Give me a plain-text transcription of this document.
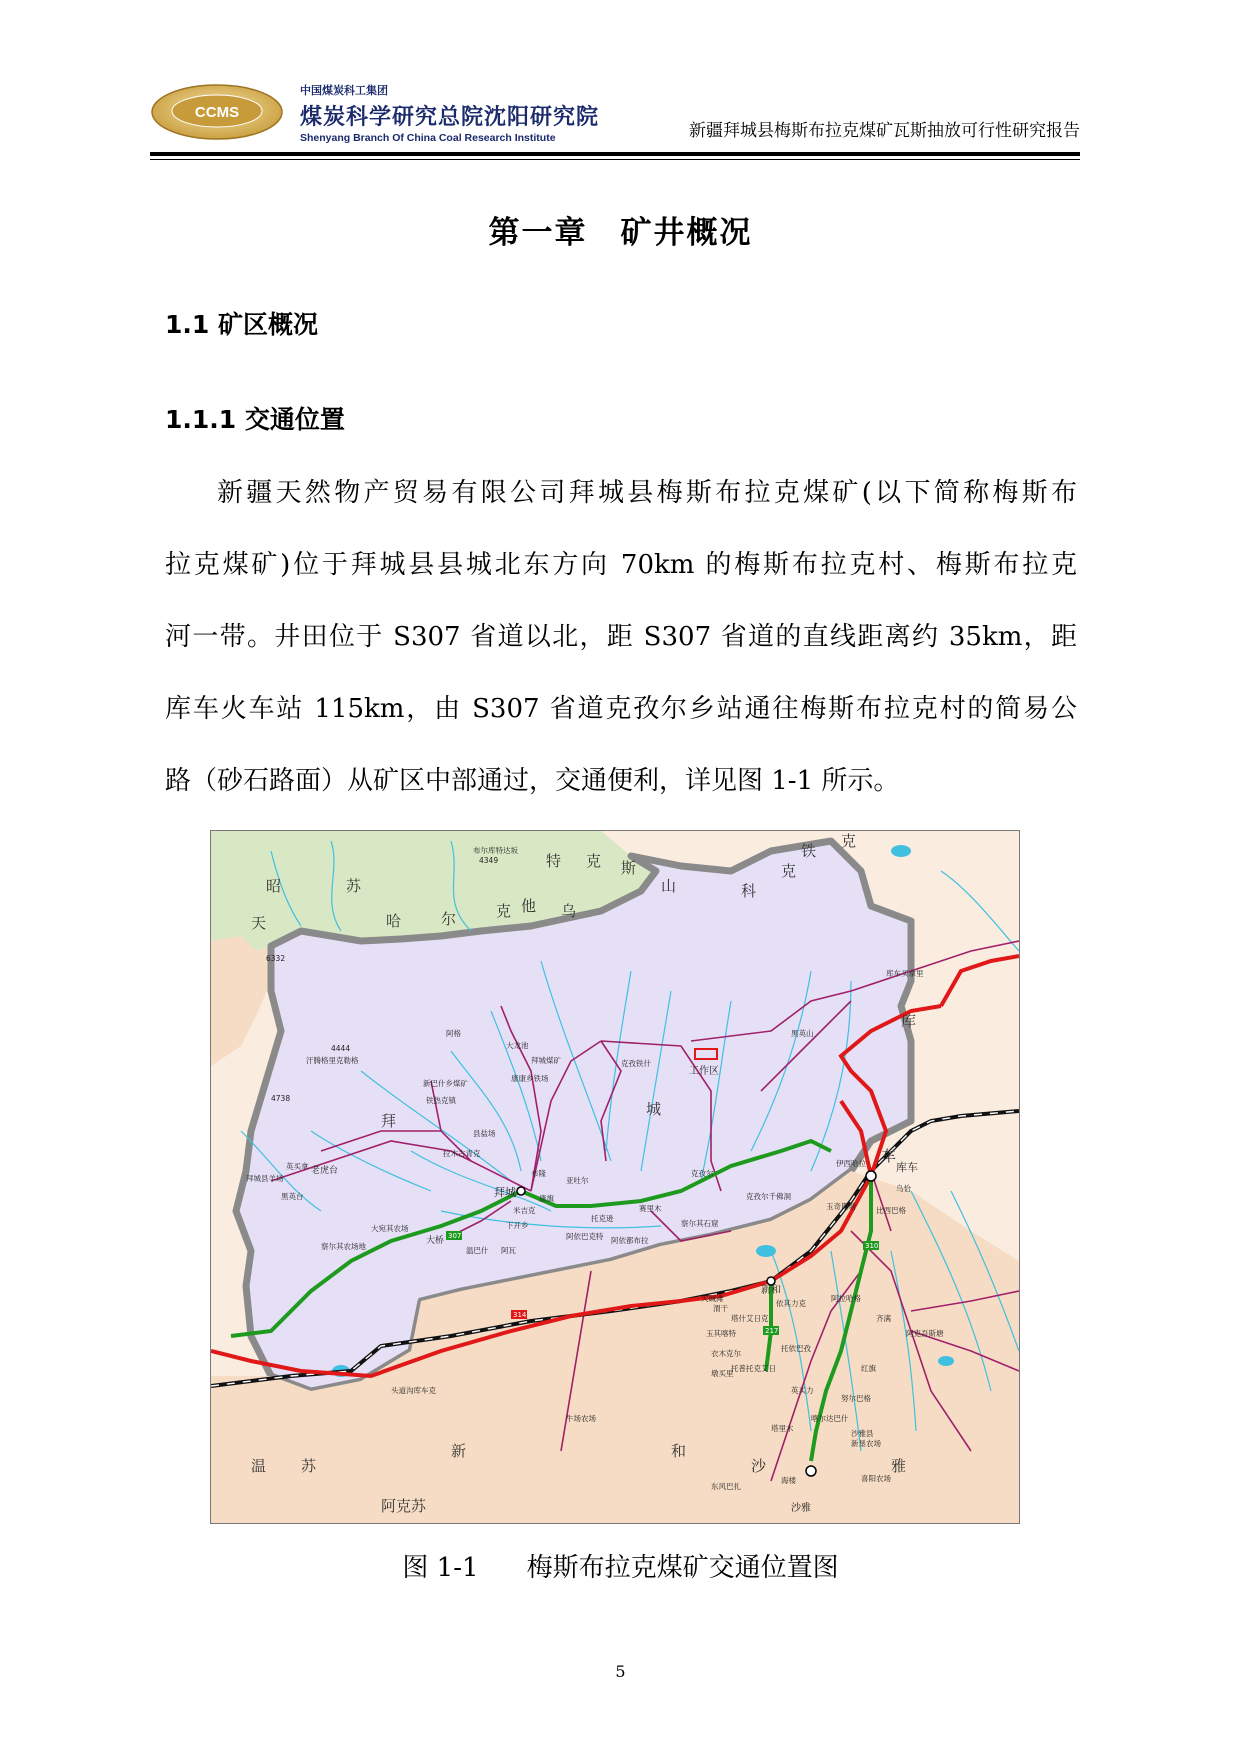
CCMS
中国煤炭科工集团
煤炭科学研究总院沈阳研究院
Shenyang Branch Of China Coal Research Institute	新疆拜城县梅斯布拉克煤矿瓦斯抽放可行性研究报告
第一章　矿井概况
1.1 矿区概况
1.1.1 交通位置
新疆天然物产贸易有限公司拜城县梅斯布拉克煤矿(以下简称梅斯布
拉克煤矿)位于拜城县县城北东方向 70km 的梅斯布拉克村、梅斯布拉克
河一带。井田位于 S307 省道以北，距 S307 省道的直线距离约 35km，距
库车火车站 115km，由 S307 省道克孜尔乡站通往梅斯布拉克村的简易公
路（砂石路面）从矿区中部通过，交通便利，详见图 1-1 所示。
昭	苏
天	哈	尔	克
特 克 斯
山
乌
他
科
克
铁
克
库
车
拜
城
温 苏
新	和
沙	雅
阿克苏
布尔库特达坂
4349
6332
4444
汗腾格里克勒格
4738
大龙池
拜城煤矿	克孜铁什
黑英山
库车买拿里
工作区
铁热克镇
新巴什乡煤矿
康康乡铁场
县盐场
拉木古青克
阿格
英买拿 老虎台
拜城县羊场
黑英台
布隆
亚吐尔
拜城	康旗
米吉克
托克逊
赛里木
克孜尔
克孜尔千佛洞
察尔其石窟
下开乡
伊西哈拉	库车
乌恰
玉奇斯塘	比西巴格
大宛其农场
察尔其农场地
大桥
温巴什
阿依巴克特
阿瓦
阿依都布拉
依其力克
阿拉哈格
齐满
阿克吾斯塘
玉其喀特
塔什艾日克
托依巴孜
英买力
红旗
努尔巴格
衣木克尔
大碱滩
新和
墩买里
渭干
托普托克艾日
喀尔达巴什
塔里木
海楼
沙雅县
新垦农场
沙雅
喜阳农场
东风巴扎
头道沟库车克
牛场农场
307
314
217
310
图 1-1 梅斯布拉克煤矿交通位置图
5
